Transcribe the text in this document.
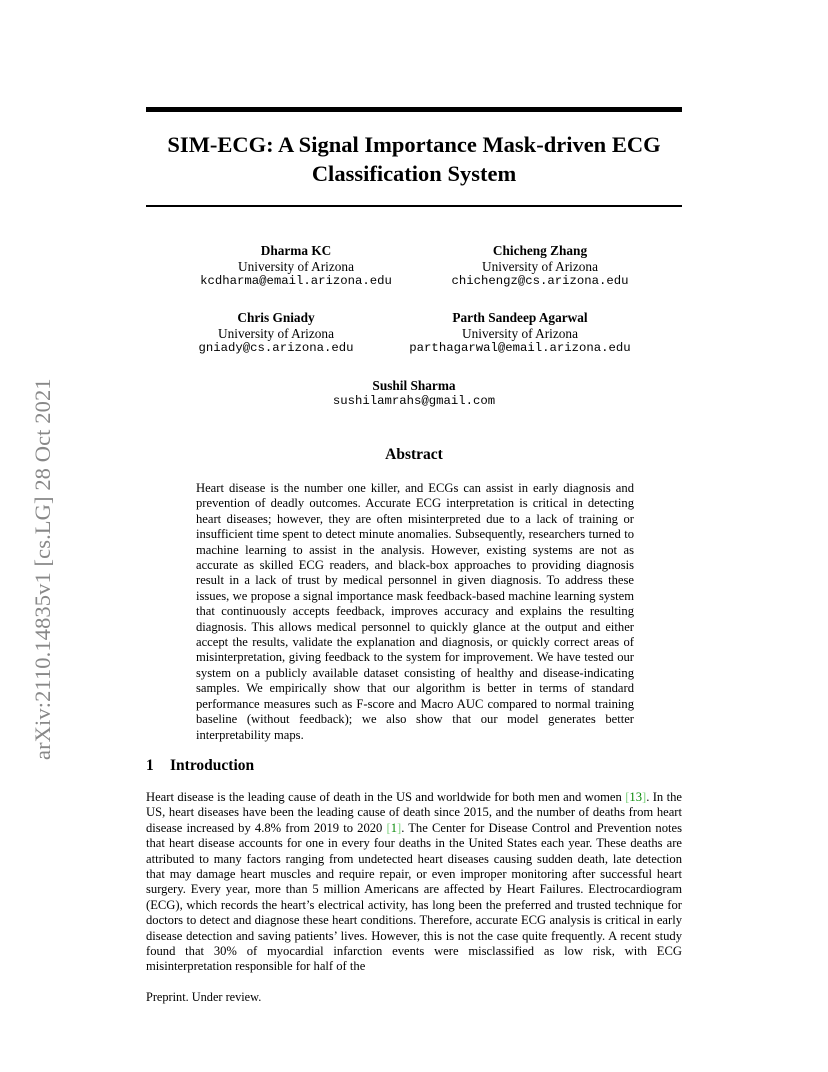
arXiv:2110.14835v1 [cs.LG] 28 Oct 2021
SIM-ECG: A Signal Importance Mask-driven ECG Classification System
Dharma KC
University of Arizona
kcdharma@email.arizona.edu
Chicheng Zhang
University of Arizona
chichengz@cs.arizona.edu
Chris Gniady
University of Arizona
gniady@cs.arizona.edu
Parth Sandeep Agarwal
University of Arizona
parthagarwal@email.arizona.edu
Sushil Sharma
sushilamrahs@gmail.com
Abstract
Heart disease is the number one killer, and ECGs can assist in early diagnosis and prevention of deadly outcomes. Accurate ECG interpretation is critical in detecting heart diseases; however, they are often misinterpreted due to a lack of training or insufficient time spent to detect minute anomalies. Subsequently, researchers turned to machine learning to assist in the analysis. However, existing systems are not as accurate as skilled ECG readers, and black-box approaches to providing diagnosis result in a lack of trust by medical personnel in given diagnosis. To address these issues, we propose a signal importance mask feedback-based machine learning system that continuously accepts feedback, improves accuracy and explains the resulting diagnosis. This allows medical personnel to quickly glance at the output and either accept the results, validate the explanation and diagnosis, or quickly correct areas of misinterpretation, giving feedback to the system for improvement. We have tested our system on a publicly available dataset consisting of healthy and disease-indicating samples. We empirically show that our algorithm is better in terms of standard performance measures such as F-score and Macro AUC compared to normal training baseline (without feedback); we also show that our model generates better interpretability maps.
1 Introduction
Heart disease is the leading cause of death in the US and worldwide for both men and women [13]. In the US, heart diseases have been the leading cause of death since 2015, and the number of deaths from heart disease increased by 4.8% from 2019 to 2020 [1]. The Center for Disease Control and Prevention notes that heart disease accounts for one in every four deaths in the United States each year. These deaths are attributed to many factors ranging from undetected heart diseases causing sudden death, late detection that may damage heart muscles and require repair, or even improper monitoring after successful heart surgery. Every year, more than 5 million Americans are affected by Heart Failures. Electrocardiogram (ECG), which records the heart’s electrical activity, has long been the preferred and trusted technique for doctors to detect and diagnose these heart conditions. Therefore, accurate ECG analysis is critical in early disease detection and saving patients’ lives. However, this is not the case quite frequently. A recent study found that 30% of myocardial infarction events were misclassified as low risk, with ECG misinterpretation responsible for half of the
Preprint. Under review.
